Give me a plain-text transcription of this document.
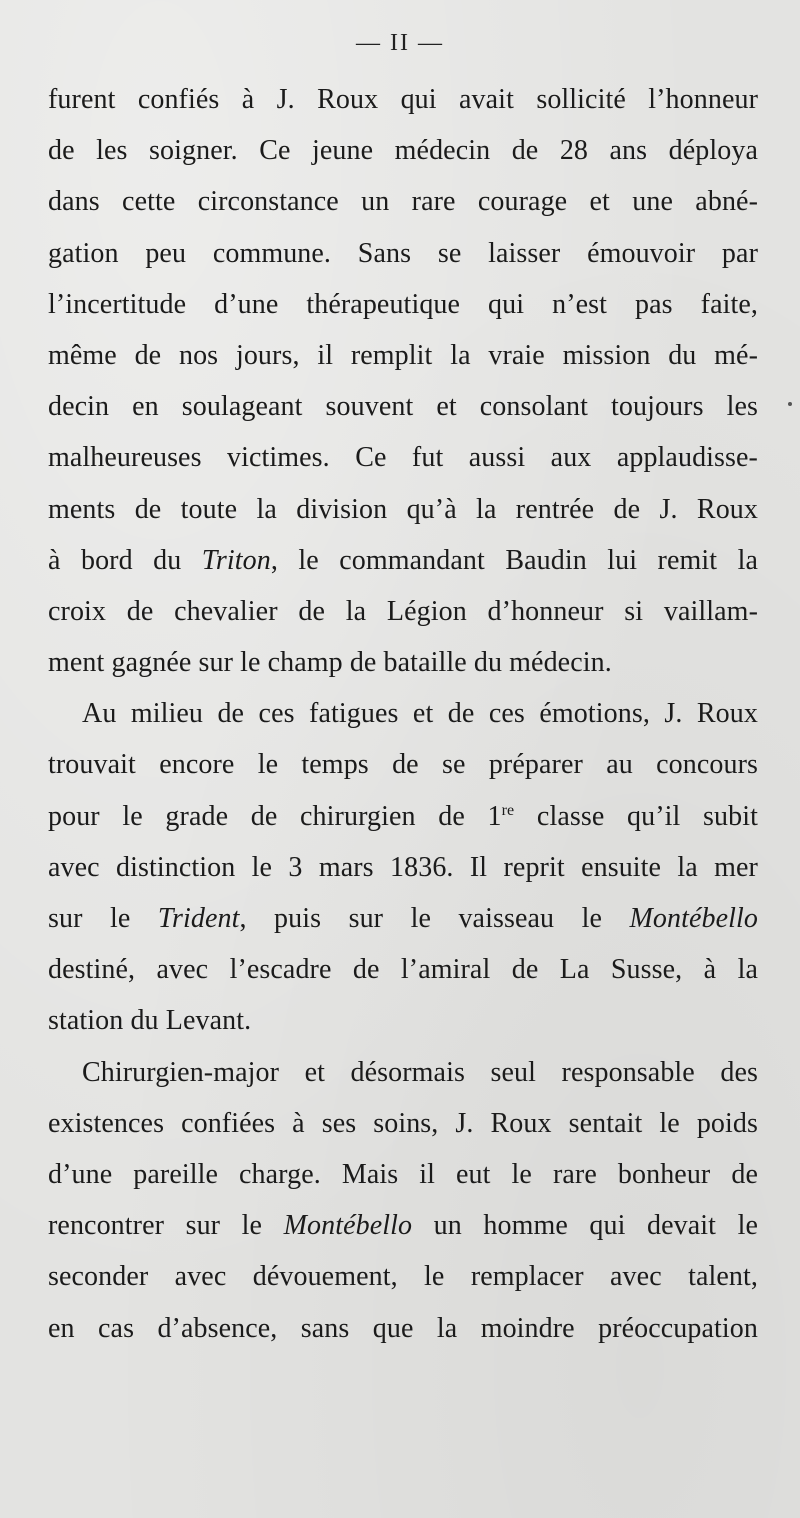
— II —
furent confiés à J. Roux qui avait sollicité l’honneur
de les soigner. Ce jeune médecin de 28 ans déploya
dans cette circonstance un rare courage et une abné-
gation peu commune. Sans se laisser émouvoir par
l’incertitude d’une thérapeutique qui n’est pas faite,
même de nos jours, il remplit la vraie mission du mé-
decin en soulageant souvent et consolant toujours les
malheureuses victimes. Ce fut aussi aux applaudisse-
ments de toute la division qu’à la rentrée de J. Roux
à bord du Triton, le commandant Baudin lui remit la
croix de chevalier de la Légion d’honneur si vaillam-
ment gagnée sur le champ de bataille du médecin.
Au milieu de ces fatigues et de ces émotions, J. Roux
trouvait encore le temps de se préparer au concours
pour le grade de chirurgien de 1re classe qu’il subit
avec distinction le 3 mars 1836. Il reprit ensuite la mer
sur le Trident, puis sur le vaisseau le Montébello
destiné, avec l’escadre de l’amiral de La Susse, à la
station du Levant.
Chirurgien-major et désormais seul responsable des
existences confiées à ses soins, J. Roux sentait le poids
d’une pareille charge. Mais il eut le rare bonheur de
rencontrer sur le Montébello un homme qui devait le
seconder avec dévouement, le remplacer avec talent,
en cas d’absence, sans que la moindre préoccupation
